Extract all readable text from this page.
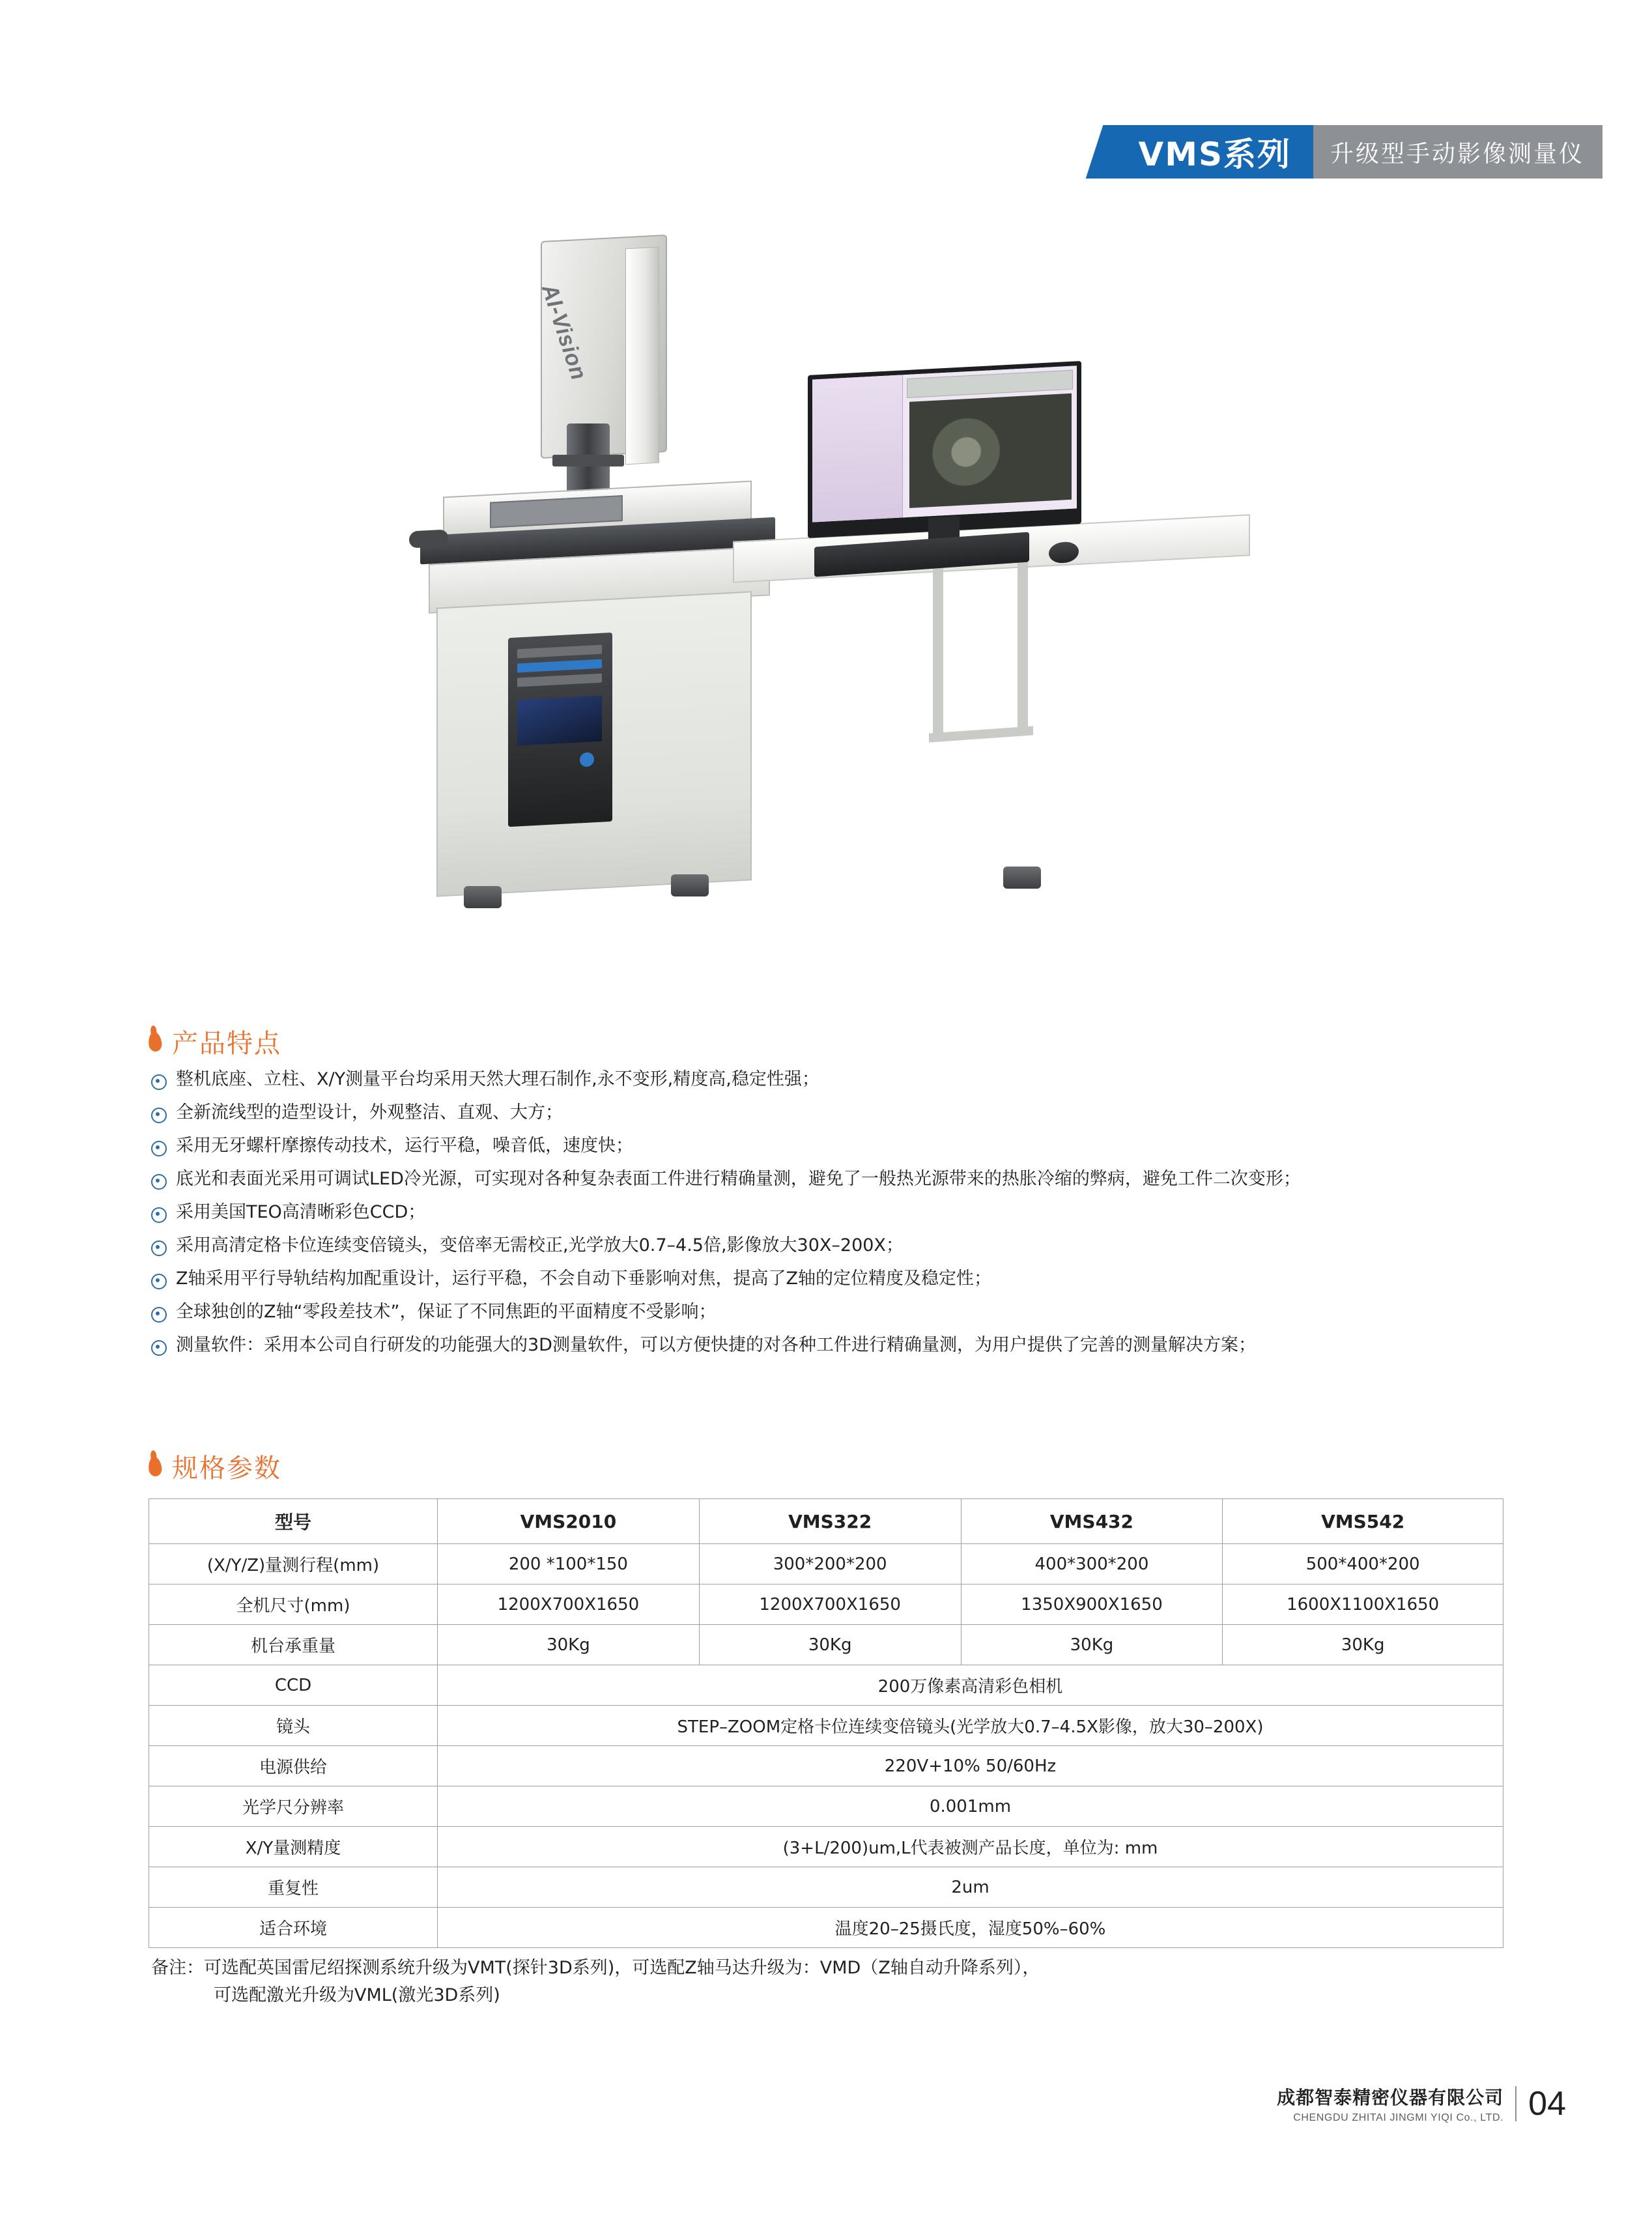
VMS系列	升级型手动影像测量仪
AI-Vision
产品特点
整机底座、立柱、X/Y测量平台均采用天然大理石制作,永不变形,精度高,稳定性强；
全新流线型的造型设计，外观整洁、直观、大方；
采用无牙螺杆摩擦传动技术，运行平稳，噪音低，速度快；
底光和表面光采用可调试LED冷光源，可实现对各种复杂表面工件进行精确量测，避免了一般热光源带来的热胀冷缩的弊病，避免工件二次变形；
采用美国TEO高清晰彩色CCD；
采用高清定格卡位连续变倍镜头，变倍率无需校正,光学放大0.7–4.5倍,影像放大30X–200X；
Z轴采用平行导轨结构加配重设计，运行平稳，不会自动下垂影响对焦，提高了Z轴的定位精度及稳定性；
全球独创的Z轴“零段差技术”，保证了不同焦距的平面精度不受影响；
测量软件：采用本公司自行研发的功能强大的3D测量软件，可以方便快捷的对各种工件进行精确量测，为用户提供了完善的测量解决方案；
规格参数
型号	VMS2010	VMS322	VMS432	VMS542
(X/Y/Z)量测行程(mm)	200 *100*150	300*200*200	400*300*200	500*400*200
全机尺寸(mm)	1200X700X1650	1200X700X1650	1350X900X1650	1600X1100X1650
机台承重量	30Kg	30Kg	30Kg	30Kg
CCD	200万像素高清彩色相机			
镜头	STEP–ZOOM定格卡位连续变倍镜头(光学放大0.7–4.5X影像，放大30–200X)			
电源供给	220V+10% 50/60Hz			
光学尺分辨率	0.001mm			
X/Y量测精度	(3+L/200)um,L代表被测产品长度，单位为: mm			
重复性	2um			
适合环境	温度20–25摄氏度，湿度50%–60%			
备注：可选配英国雷尼绍探测系统升级为VMT(探针3D系列)，可选配Z轴马达升级为：VMD（Z轴自动升降系列），
可选配激光升级为VML(激光3D系列)
成都智泰精密仪器有限公司
CHENGDU ZHITAI JINGMI YIQI Co., LTD. 04
